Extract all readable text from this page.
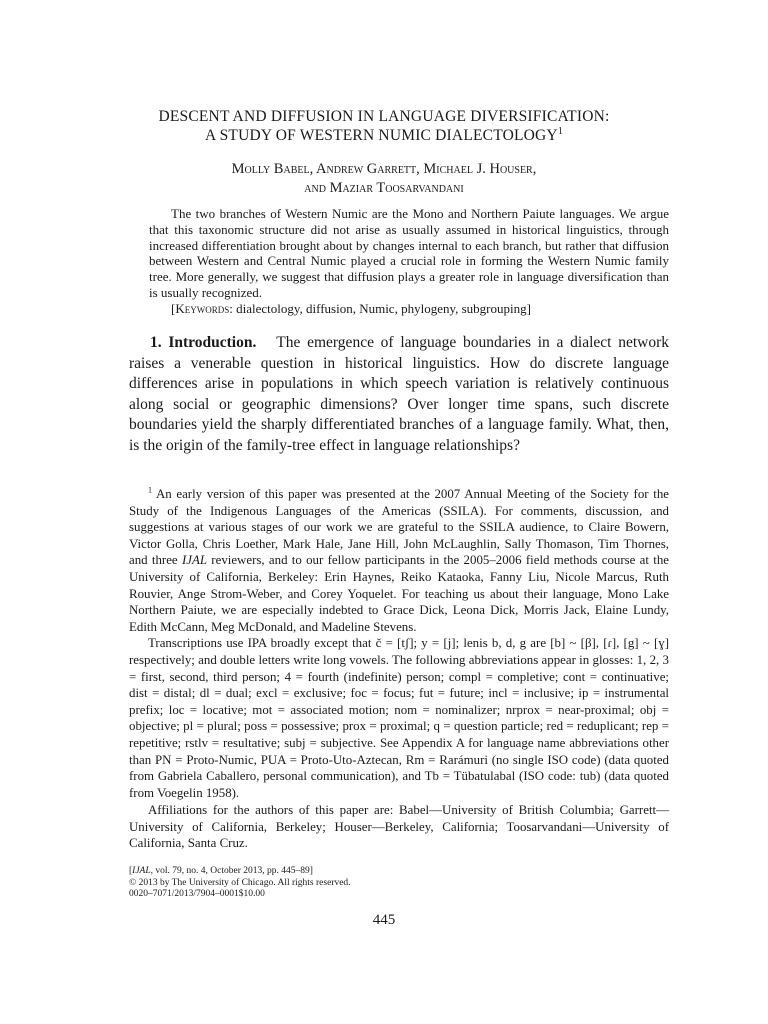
DESCENT AND DIFFUSION IN LANGUAGE DIVERSIFICATION:
A STUDY OF WESTERN NUMIC DIALECTOLOGY$^1$
Molly Babel, Andrew Garrett, Michael J. Houser,
and Maziar Toosarvandani

The two branches of Western Numic are the Mono and Northern Paiute languages. We argue that this taxonomic structure did not arise as usually assumed in historical linguistics, through increased differentiation brought about by changes internal to each branch, but rather that diffusion between Western and Central Numic played a crucial role in forming the Western Numic family tree. More generally, we suggest that diffusion plays a greater role in language diversification than is usually recognized.

[Keywords: dialectology, diffusion, Numic, phylogeny, subgrouping]

1. Introduction. The emergence of language boundaries in a dialect network raises a venerable question in historical linguistics. How do discrete language differences arise in populations in which speech variation is relatively continuous along social or geographic dimensions? Over longer time spans, such discrete boundaries yield the sharply differentiated branches of a language family. What, then, is the origin of the family-tree effect in language relationships?

$^1$ An early version of this paper was presented at the 2007 Annual Meeting of the Society for the Study of the Indigenous Languages of the Americas (SSILA). For comments, discussion, and suggestions at various stages of our work we are grateful to the SSILA audience, to Claire Bowern, Victor Golla, Chris Loether, Mark Hale, Jane Hill, John McLaughlin, Sally Thomason, Tim Thornes, and three IJAL reviewers, and to our fellow participants in the 2005–2006 field methods course at the University of California, Berkeley: Erin Haynes, Reiko Kataoka, Fanny Liu, Nicole Marcus, Ruth Rouvier, Ange Strom-Weber, and Corey Yoquelet. For teaching us about their language, Mono Lake Northern Paiute, we are especially indebted to Grace Dick, Leona Dick, Morris Jack, Elaine Lundy, Edith McCann, Meg McDonald, and Madeline Stevens.

Transcriptions use IPA broadly except that č = [tʃ]; y = [j]; lenis b, d, g are [b] ~ [β], [ɾ], [g] ~ [ɣ] respectively; and double letters write long vowels. The following abbreviations appear in glosses: 1, 2, 3 = first, second, third person; 4 = fourth (indefinite) person; compl = completive; cont = continuative; dist = distal; dl = dual; excl = exclusive; foc = focus; fut = future; incl = inclusive; ip = instrumental prefix; loc = locative; mot = associated motion; nom = nominalizer; nrprox = near-proximal; obj = objective; pl = plural; poss = possessive; prox = proximal; q = question particle; red = reduplicant; rep = repetitive; rstlv = resultative; subj = subjective. See Appendix A for language name abbreviations other than PN = Proto-Numic, PUA = Proto-Uto-Aztecan, Rm = Rarámuri (no single ISO code) (data quoted from Gabriela Caballero, personal communication), and Tb = Tübatulabal (ISO code: tub) (data quoted from Voegelin 1958).

Affiliations for the authors of this paper are: Babel—University of British Columbia; Garrett—University of California, Berkeley; Houser—Berkeley, California; Toosarvandani—University of California, Santa Cruz.

[IJAL, vol. 79, no. 4, October 2013, pp. 445–89]
© 2013 by The University of Chicago. All rights reserved.
0020–7071/2013/7904–0001$10.00
445
